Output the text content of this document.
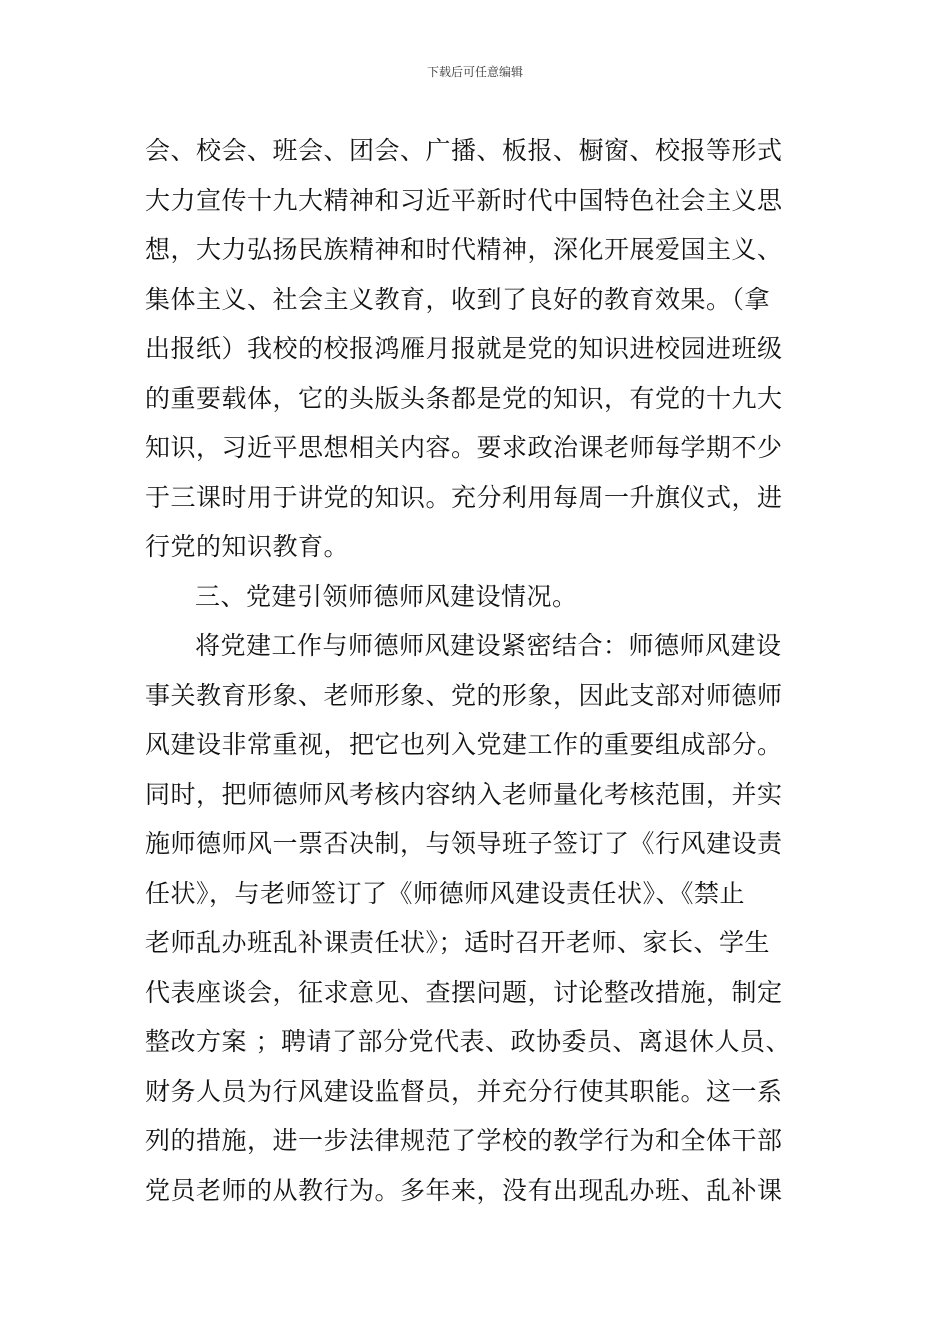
下载后可任意编辑
会、校会、班会、团会、广播、板报、橱窗、校报等形式
大力宣传十九大精神和习近平新时代中国特色社会主义思
想，大力弘扬民族精神和时代精神，深化开展爱国主义、
集体主义、社会主义教育，收到了良好的教育效果。（拿
出报纸）我校的校报鸿雁月报就是党的知识进校园进班级
的重要载体，它的头版头条都是党的知识，有党的十九大
知识，习近平思想相关内容。要求政治课老师每学期不少
于三课时用于讲党的知识。充分利用每周一升旗仪式，进
行党的知识教育。
三、党建引领师德师风建设情况。
将党建工作与师德师风建设紧密结合：师德师风建设
事关教育形象、老师形象、党的形象，因此支部对师德师
风建设非常重视，把它也列入党建工作的重要组成部分。
同时，把师德师风考核内容纳入老师量化考核范围，并实
施师德师风一票否决制，与领导班子签订了《行风建设责
任状》，与老师签订了《师德师风建设责任状》、《禁止
老师乱办班乱补课责任状》；适时召开老师、家长、学生
代表座谈会，征求意见、查摆问题，讨论整改措施，制定
整改方案 ；聘请了部分党代表、政协委员、离退休人员、
财务人员为行风建设监督员，并充分行使其职能。这一系
列的措施，进一步法律规范了学校的教学行为和全体干部
党员老师的从教行为。多年来，没有出现乱办班、乱补课
